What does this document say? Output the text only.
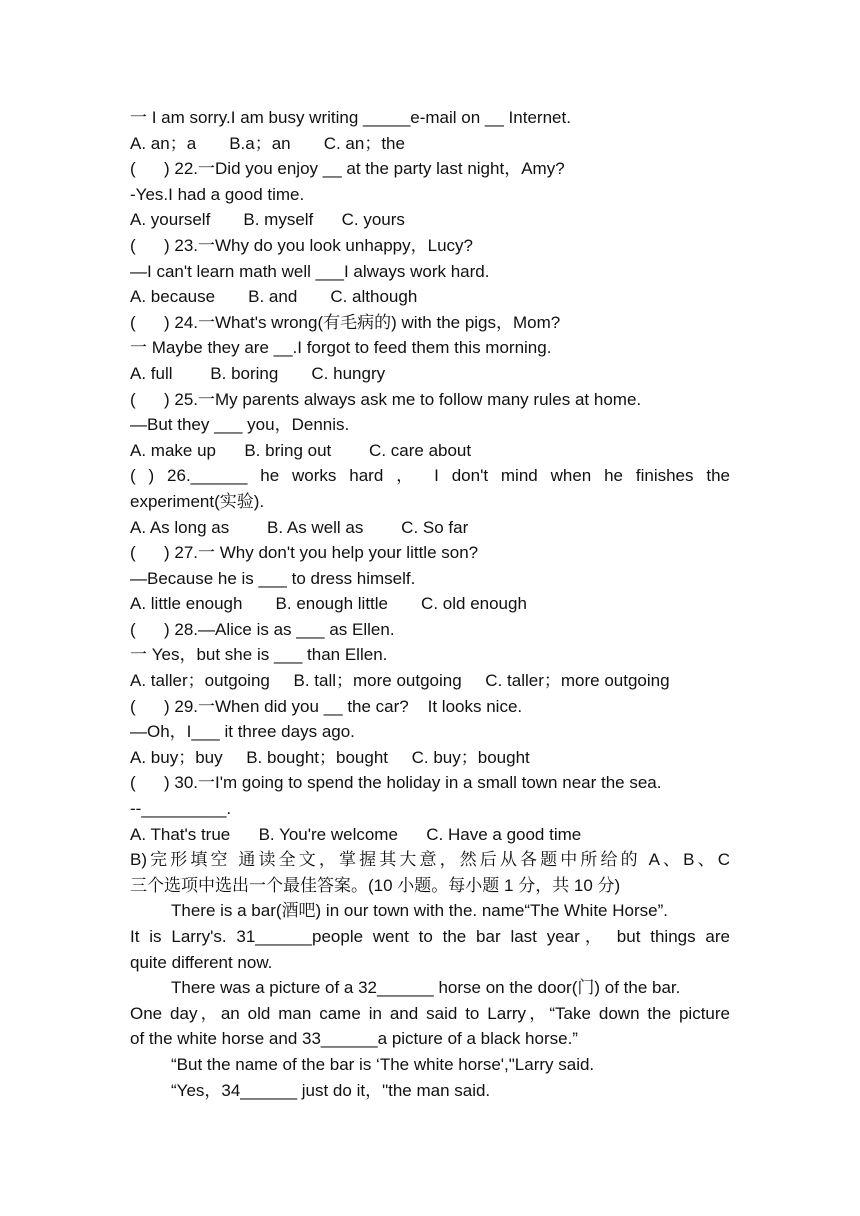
一 I am sorry.I am busy writing _____e-mail on __ Internet.

A. an；a       B.a；an       C. an；the

(      ) 22.一Did you enjoy __ at the party last night，Amy?

-Yes.I had a good time.

A. yourself       B. myself      C. yours

(      ) 23.一Why do you look unhappy，Lucy?

—I can't learn math well ___I always work hard.

A. because       B. and       C. although

(      ) 24.一What's wrong(有毛病的) with the pigs，Mom?

一 Maybe they are __.I forgot to feed them this morning.

A. full        B. boring       C. hungry

(      ) 25.一My parents always ask me to follow many rules at home.

—But they ___ you，Dennis.

A. make up      B. bring out        C. care about

( ) 26.______ he works hard ， I don't mind when he finishes the

experiment(实验).

A. As long as        B. As well as        C. So far

(      ) 27.一 Why don't you help your little son?

—Because he is ___ to dress himself.

A. little enough       B. enough little       C. old enough

(      ) 28.—Alice is as ___ as Ellen.

一 Yes，but she is ___ than Ellen.

A. taller；outgoing     B. tall；more outgoing     C. taller；more outgoing

(      ) 29.一When did you __ the car?    It looks nice.

—Oh，I___ it three days ago.

A. buy；buy     B. bought；bought     C. buy；bought

(      ) 30.一I'm going to spend the holiday in a small town near the sea.

--_________.

A. That's true      B. You're welcome      C. Have a good time

B)完形填空 通读全文，掌握其大意，然后从各题中所给的 A、B、C

三个选项中选出一个最佳答案。(10 小题。每小题 1 分，共 10 分)

There is a bar(酒吧) in our town with the. name“The White Horse”.

It is Larry's. 31______people went to the bar last year， but things are

quite different now.

There was a picture of a 32______ horse on the door(门) of the bar.

One day，an old man came in and said to Larry，“Take down the picture

of the white horse and 33______a picture of a black horse.”

“But the name of the bar is ‘The white horse',"Larry said.

“Yes，34______ just do it，"the man said.
